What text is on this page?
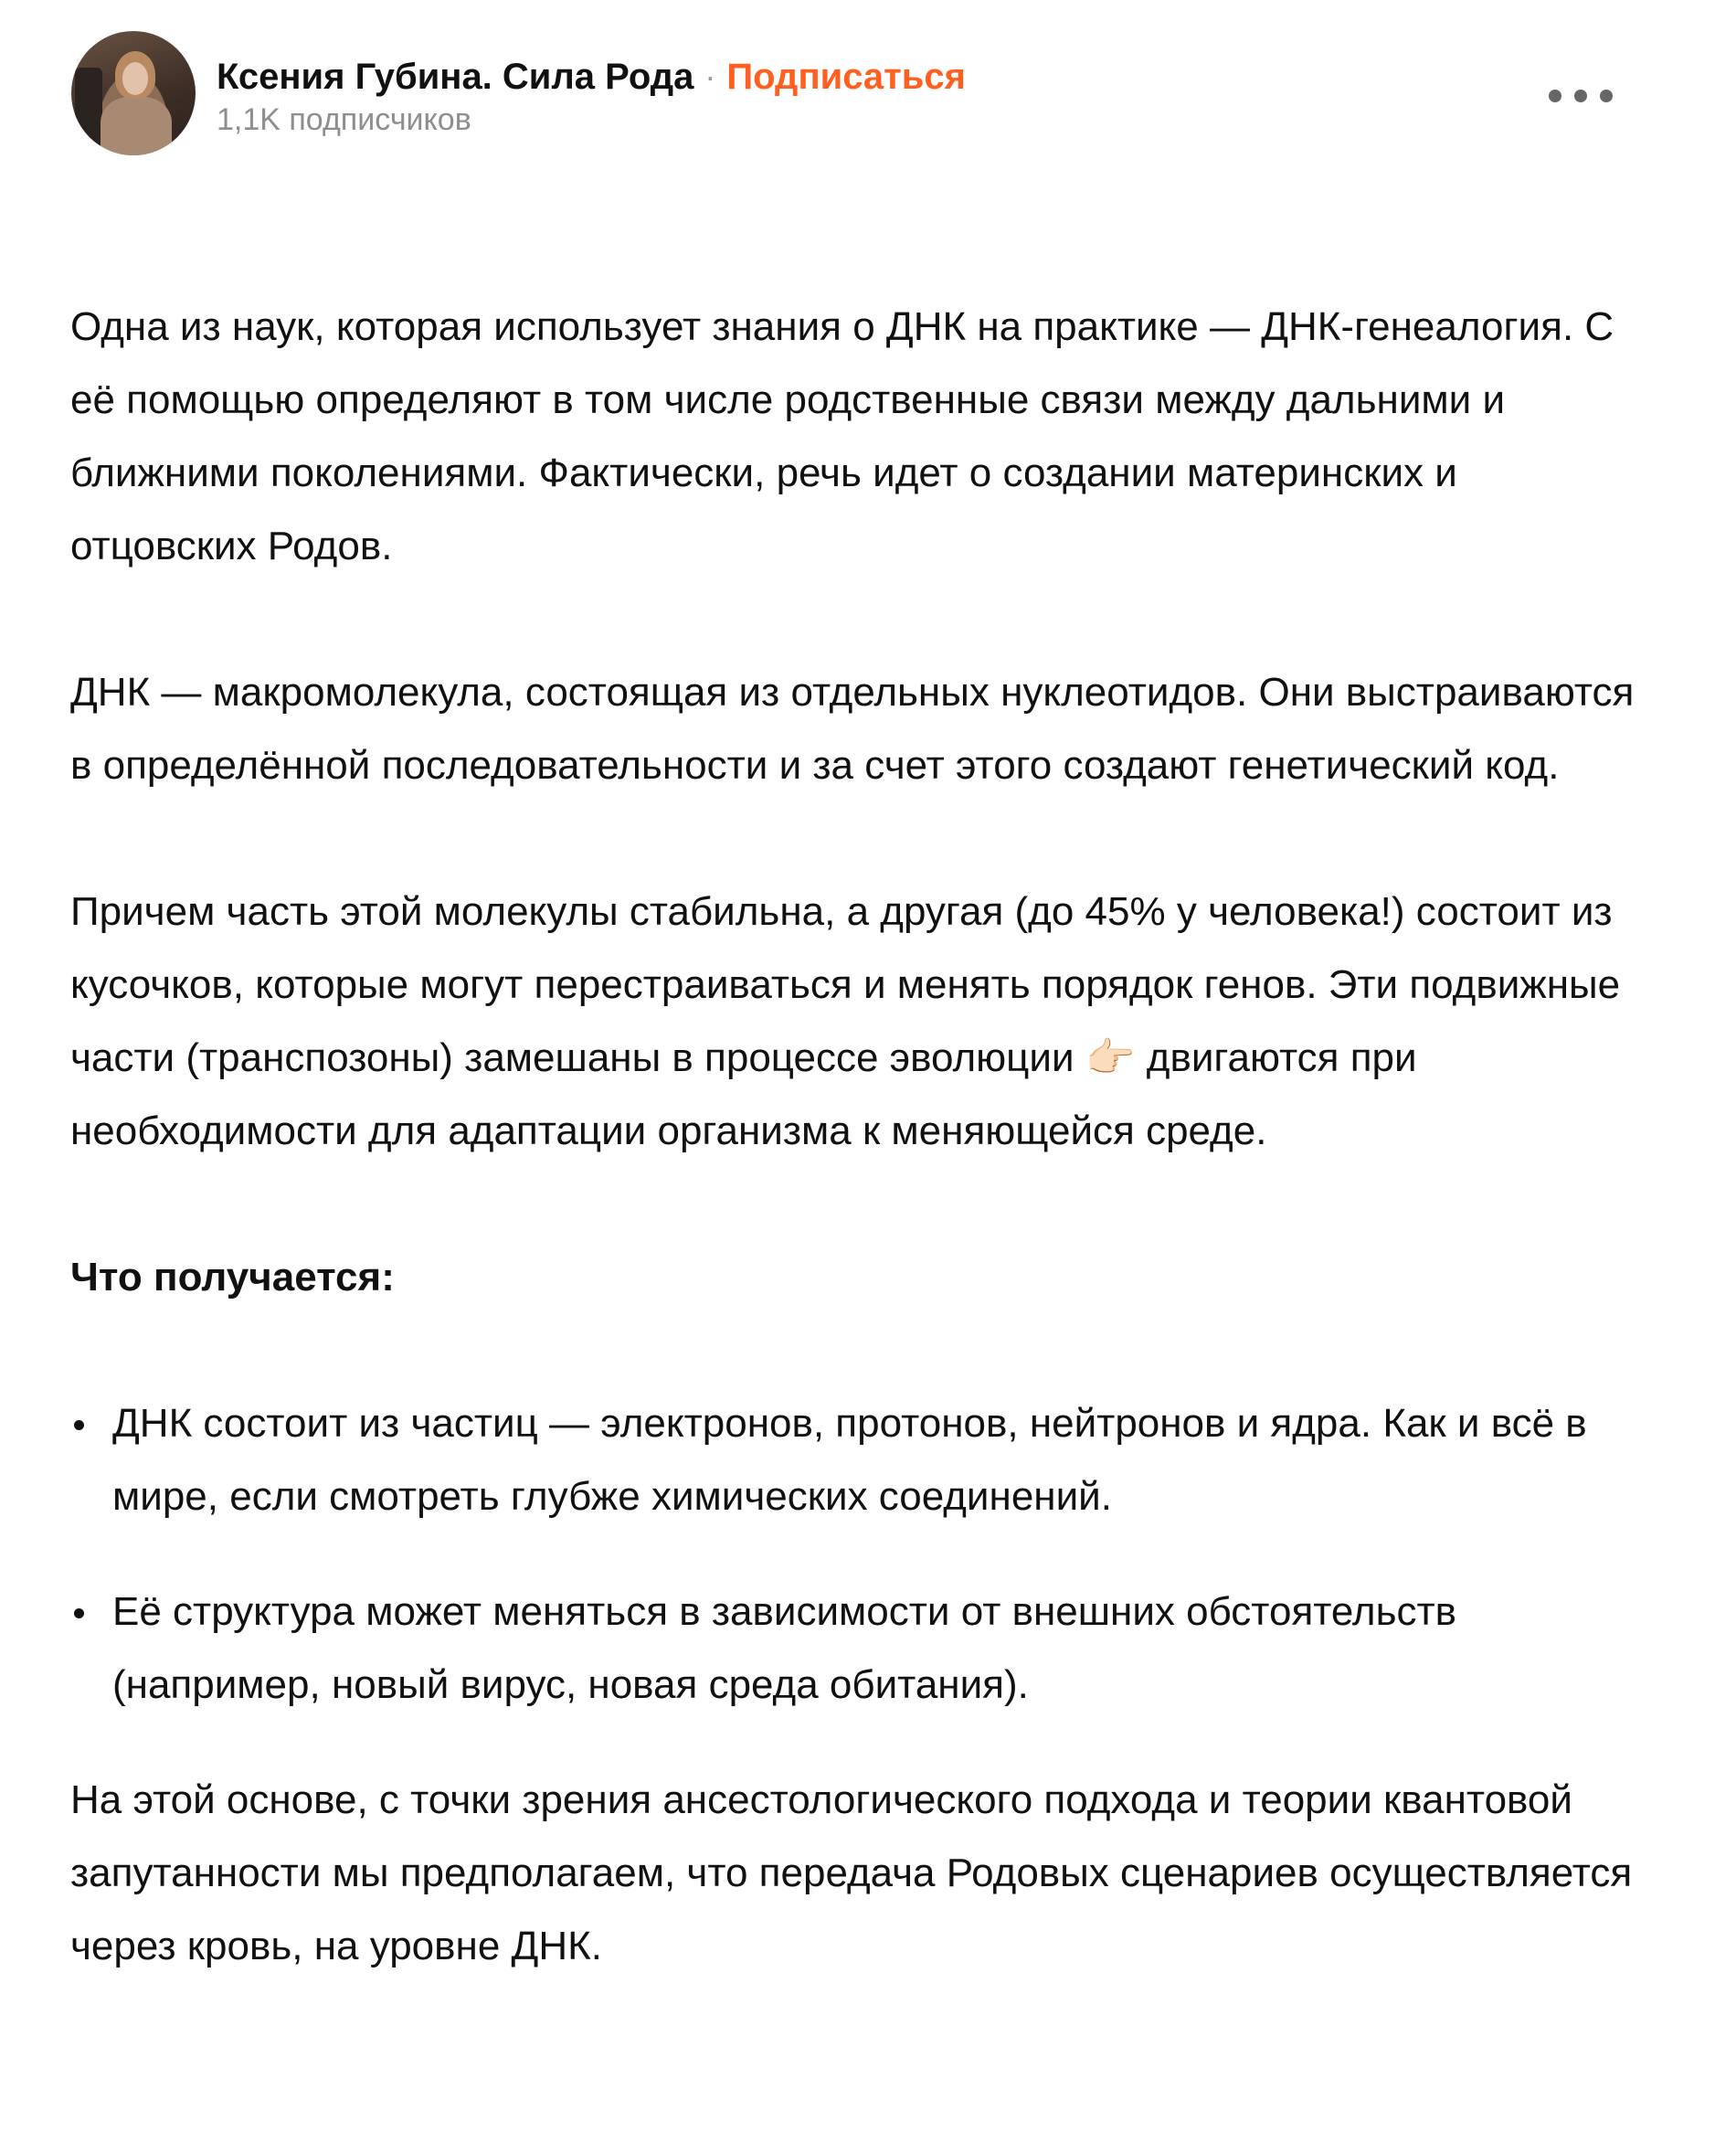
Ксения Губина. Сила Рода · Подписаться
1,1K подписчиков

Одна из наук, которая использует знания о ДНК на практике — ДНК-генеалогия. С её помощью определяют в том числе родственные связи между дальними и ближними поколениями. Фактически, речь идет о создании материнских и отцовских Родов.

ДНК — макромолекула, состоящая из отдельных нуклеотидов. Они выстраиваются в определённой последовательности и за счет этого создают генетический код.

Причем часть этой молекулы стабильна, а другая (до 45% у человека!) состоит из кусочков, которые могут перестраиваться и менять порядок генов. Эти подвижные части (транспозоны) замешаны в процессе эволюции 👉🏻 двигаются при необходимости для адаптации организма к меняющейся среде.

Что получается:

ДНК состоит из частиц — электронов, протонов, нейтронов и ядра. Как и всё в мире, если смотреть глубже химических соединений.
Её структура может меняться в зависимости от внешних обстоятельств (например, новый вирус, новая среда обитания).

На этой основе, с точки зрения ансестологического подхода и теории квантовой запутанности мы предполагаем, что передача Родовых сценариев осуществляется через кровь, на уровне ДНК.
